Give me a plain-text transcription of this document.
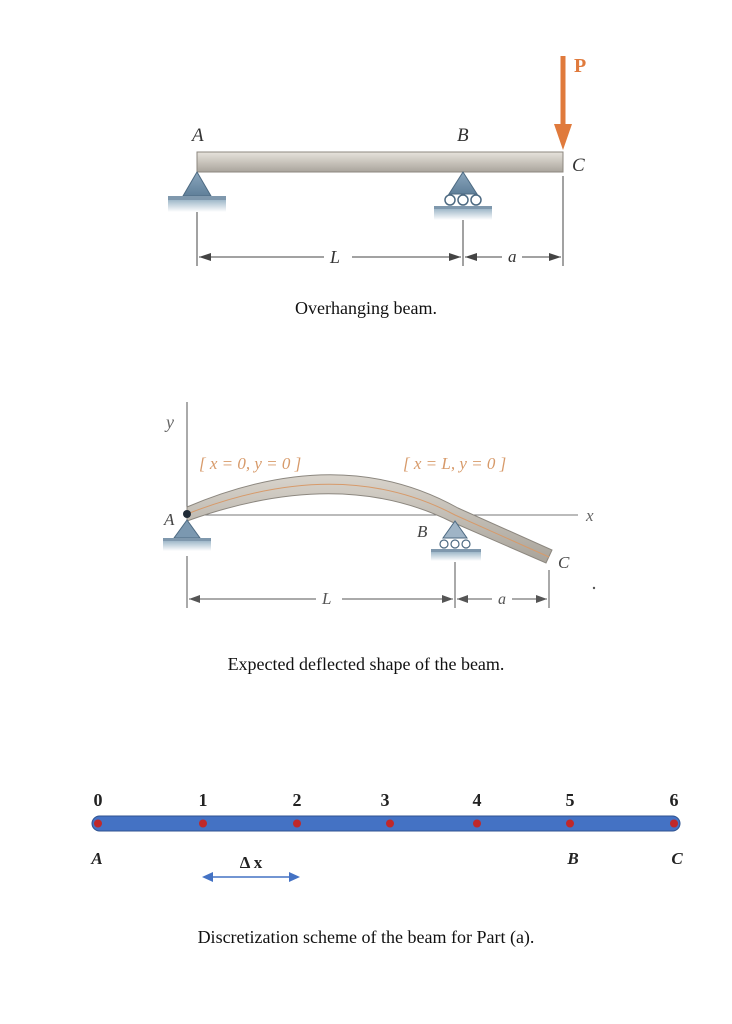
P
A	B
C
L	a
Overhanging beam.
y
x
[ x = 0, y = 0 ]	[ x = L, y = 0 ]
A
B
C
L	a
Expected deflected shape of the beam.
0	1	2	3	4	5	6
A	B	C
Δ x
Discretization scheme of the beam for Part (a).
